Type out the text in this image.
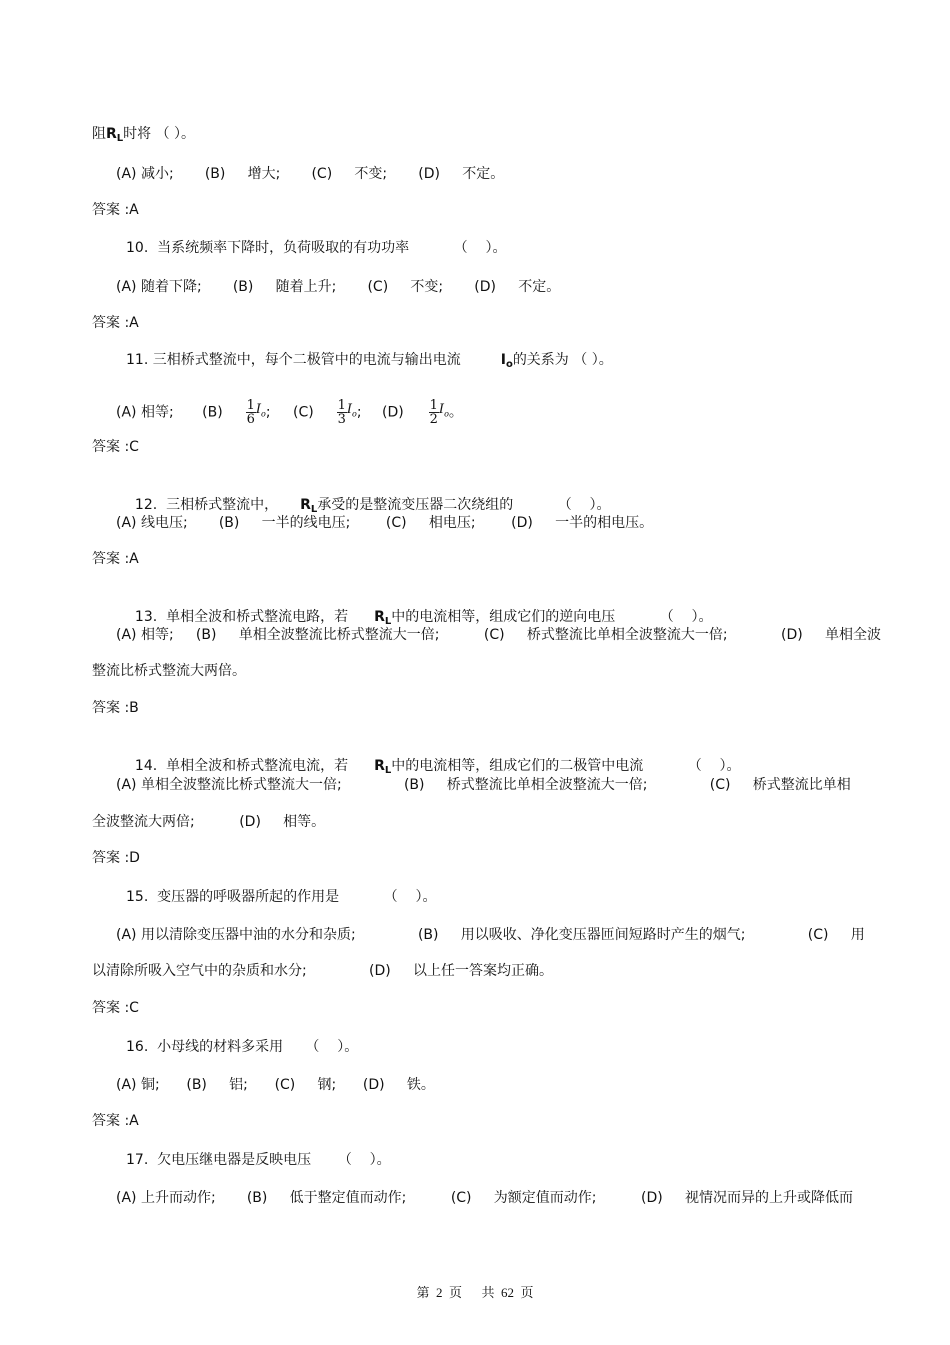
阻$R_L$时将 （ ）。
(A) 减小;       (B)     增大;       (C)     不变;       (D)     不定。
答案 :A
10.  当系统频率下降时，负荷吸取的有功功率          （    ）。
(A) 随着下降;       (B)     随着上升;       (C)     不变;       (D)     不定。
答案 :A
11. 三相桥式整流中，每个二极管中的电流与输出电流	$I_o$的关系为 （ ）。
(A) 相等; $(B) \frac{1}{6} I_o$; $(C) \frac{1}{3} I_o$; $(D) \frac{1}{2} I_o$。
答案 :C

12.  三相桥式整流中， $R_L$承受的是整流变压器二次绕组的          （    ）。

(A) 线电压;       (B)     一半的线电压;        (C)     相电压;        (D)     一半的相电压。
答案 :A

13.  单相全波和桥式整流电路，若 $R_L$中的电流相等，组成它们的逆向电压          （    ）。

(A) 相等;     (B)     单相全波整流比桥式整流大一倍;          (C)     桥式整流比单相全波整流大一倍;            (D)     单相全波
整流比桥式整流大两倍。
答案 :B

14.  单相全波和桥式整流电流，若 $R_L$中的电流相等，组成它们的二极管中电流          （    ）。

(A) 单相全波整流比桥式整流大一倍;              (B)     桥式整流比单相全波整流大一倍;              (C)     桥式整流比单相
全波整流大两倍;          (D)     相等。
答案 :D
15.  变压器的呼吸器所起的作用是          （    ）。
(A) 用以清除变压器中油的水分和杂质;              (B)     用以吸收、净化变压器匝间短路时产生的烟气;              (C)     用
以清除所吸入空气中的杂质和水分;              (D)     以上任一答案均正确。
答案 :C
16.  小母线的材料多采用     （    ）。
(A) 铜;      (B)     铝;      (C)     钢;      (D)     铁。
答案 :A
17.  欠电压继电器是反映电压      （    ）。
(A) 上升而动作;       (B)     低于整定值而动作;          (C)     为额定值而动作;          (D)     视情况而异的上升或降低而
第  2  页      共  62  页
